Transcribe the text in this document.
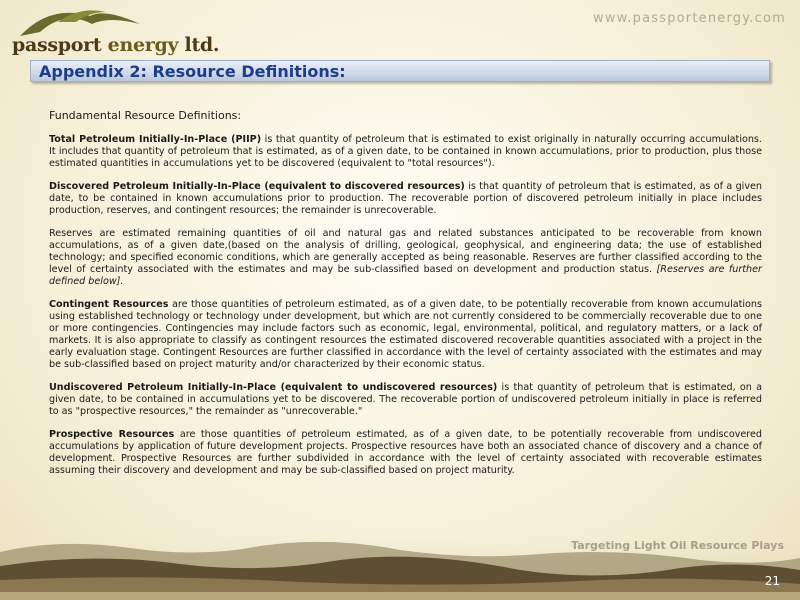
passport energy ltd.
www.passportenergy.com
Appendix 2: Resource Definitions:
Fundamental Resource Definitions:

Total Petroleum Initially-In-Place (PIIP) is that quantity of petroleum that is estimated to exist originally in naturally occurring accumulations. It includes that quantity of petroleum that is estimated, as of a given date, to be contained in known accumulations, prior to production, plus those estimated quantities in accumulations yet to be discovered (equivalent to "total resources").

Discovered Petroleum Initially-In-Place (equivalent to discovered resources) is that quantity of petroleum that is estimated, as of a given date, to be contained in known accumulations prior to production. The recoverable portion of discovered petroleum initially in place includes production, reserves, and contingent resources; the remainder is unrecoverable.

Reserves are estimated remaining quantities of oil and natural gas and related substances anticipated to be recoverable from known accumulations, as of a given date,(based on the analysis of drilling, geological, geophysical, and engineering data; the use of established technology; and specified economic conditions, which are generally accepted as being reasonable. Reserves are further classified according to the level of certainty associated with the estimates and may be sub-classified based on development and production status. [Reserves are further defined below].

Contingent Resources are those quantities of petroleum estimated, as of a given date, to be potentially recoverable from known accumulations using established technology or technology under development, but which are not currently considered to be commercially recoverable due to one or more contingencies. Contingencies may include factors such as economic, legal, environmental, political, and regulatory matters, or a lack of markets. It is also appropriate to classify as contingent resources the estimated discovered recoverable quantities associated with a project in the early evaluation stage. Contingent Resources are further classified in accordance with the level of certainty associated with the estimates and may be sub-classified based on project maturity and/or characterized by their economic status.

Undiscovered Petroleum Initially-In-Place (equivalent to undiscovered resources) is that quantity of petroleum that is estimated, on a given date, to be contained in accumulations yet to be discovered. The recoverable portion of undiscovered petroleum initially in place is referred to as "prospective resources," the remainder as "unrecoverable."

Prospective Resources are those quantities of petroleum estimated, as of a given date, to be potentially recoverable from undiscovered accumulations by application of future development projects. Prospective resources have both an associated chance of discovery and a chance of development. Prospective Resources are further subdivided in accordance with the level of certainty associated with recoverable estimates assuming their discovery and development and may be sub-classified based on project maturity.

Targeting Light Oil Resource Plays
21
